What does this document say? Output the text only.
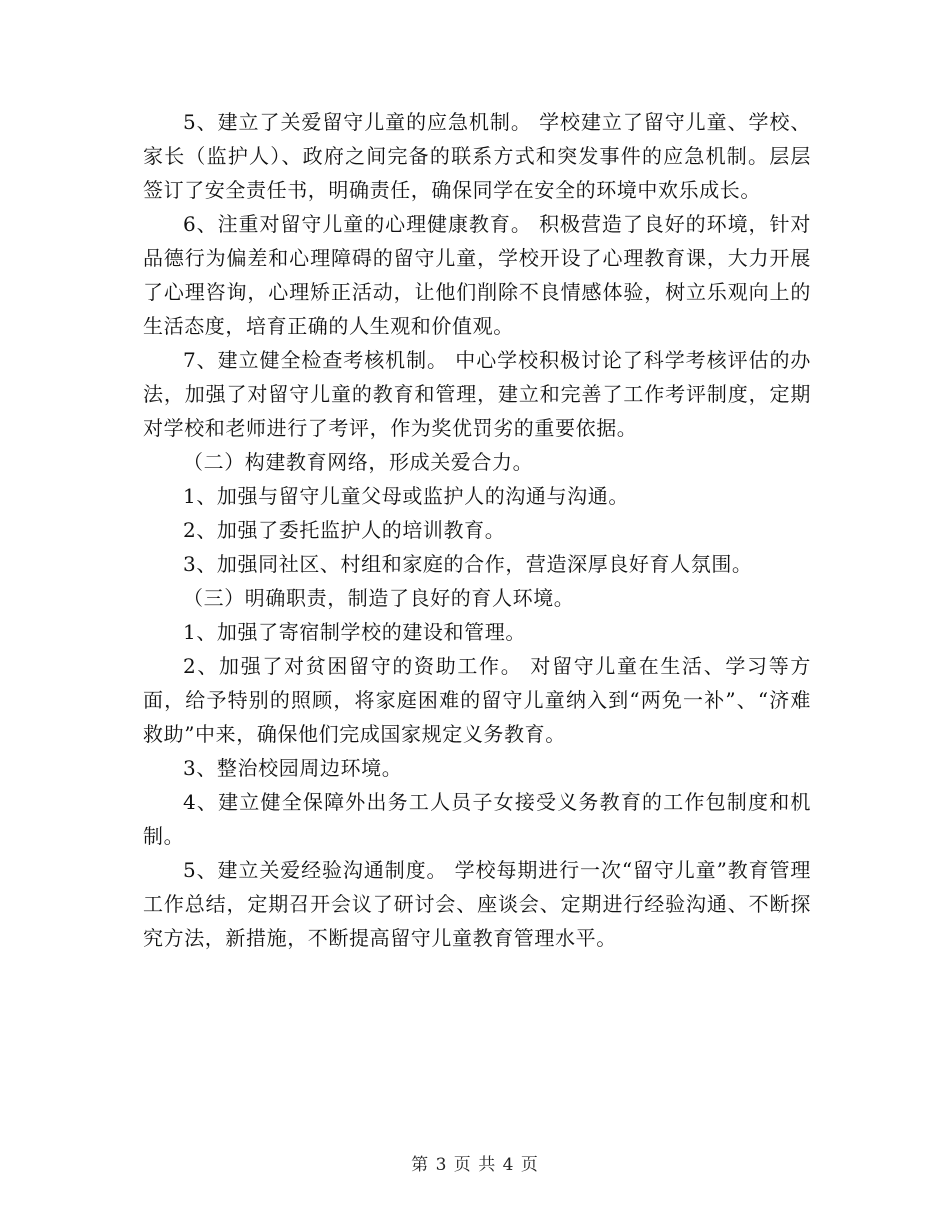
5、建立了关爱留守儿童的应急机制。 学校建立了留守儿童、学校、家长（监护人）、政府之间完备的联系方式和突发事件的应急机制。层层签订了安全责任书，明确责任，确保同学在安全的环境中欢乐成长。

6、注重对留守儿童的心理健康教育。 积极营造了良好的环境，针对品德行为偏差和心理障碍的留守儿童，学校开设了心理教育课，大力开展了心理咨询，心理矫正活动，让他们削除不良情感体验，树立乐观向上的生活态度，培育正确的人生观和价值观。

7、建立健全检查考核机制。 中心学校积极讨论了科学考核评估的办法，加强了对留守儿童的教育和管理，建立和完善了工作考评制度，定期对学校和老师进行了考评，作为奖优罚劣的重要依据。

（二）构建教育网络，形成关爱合力。

1、加强与留守儿童父母或监护人的沟通与沟通。

2、加强了委托监护人的培训教育。

3、加强同社区、村组和家庭的合作，营造深厚良好育人氛围。

（三）明确职责，制造了良好的育人环境。

1、加强了寄宿制学校的建设和管理。

2、加强了对贫困留守的资助工作。 对留守儿童在生活、学习等方面，给予特别的照顾，将家庭困难的留守儿童纳入到“两免一补”、“济难救助”中来，确保他们完成国家规定义务教育。

3、整治校园周边环境。

4、建立健全保障外出务工人员子女接受义务教育的工作包制度和机制。

5、建立关爱经验沟通制度。 学校每期进行一次“留守儿童”教育管理工作总结，定期召开会议了研讨会、座谈会、定期进行经验沟通、不断探究方法，新措施，不断提高留守儿童教育管理水平。

第 3 页 共 4 页
